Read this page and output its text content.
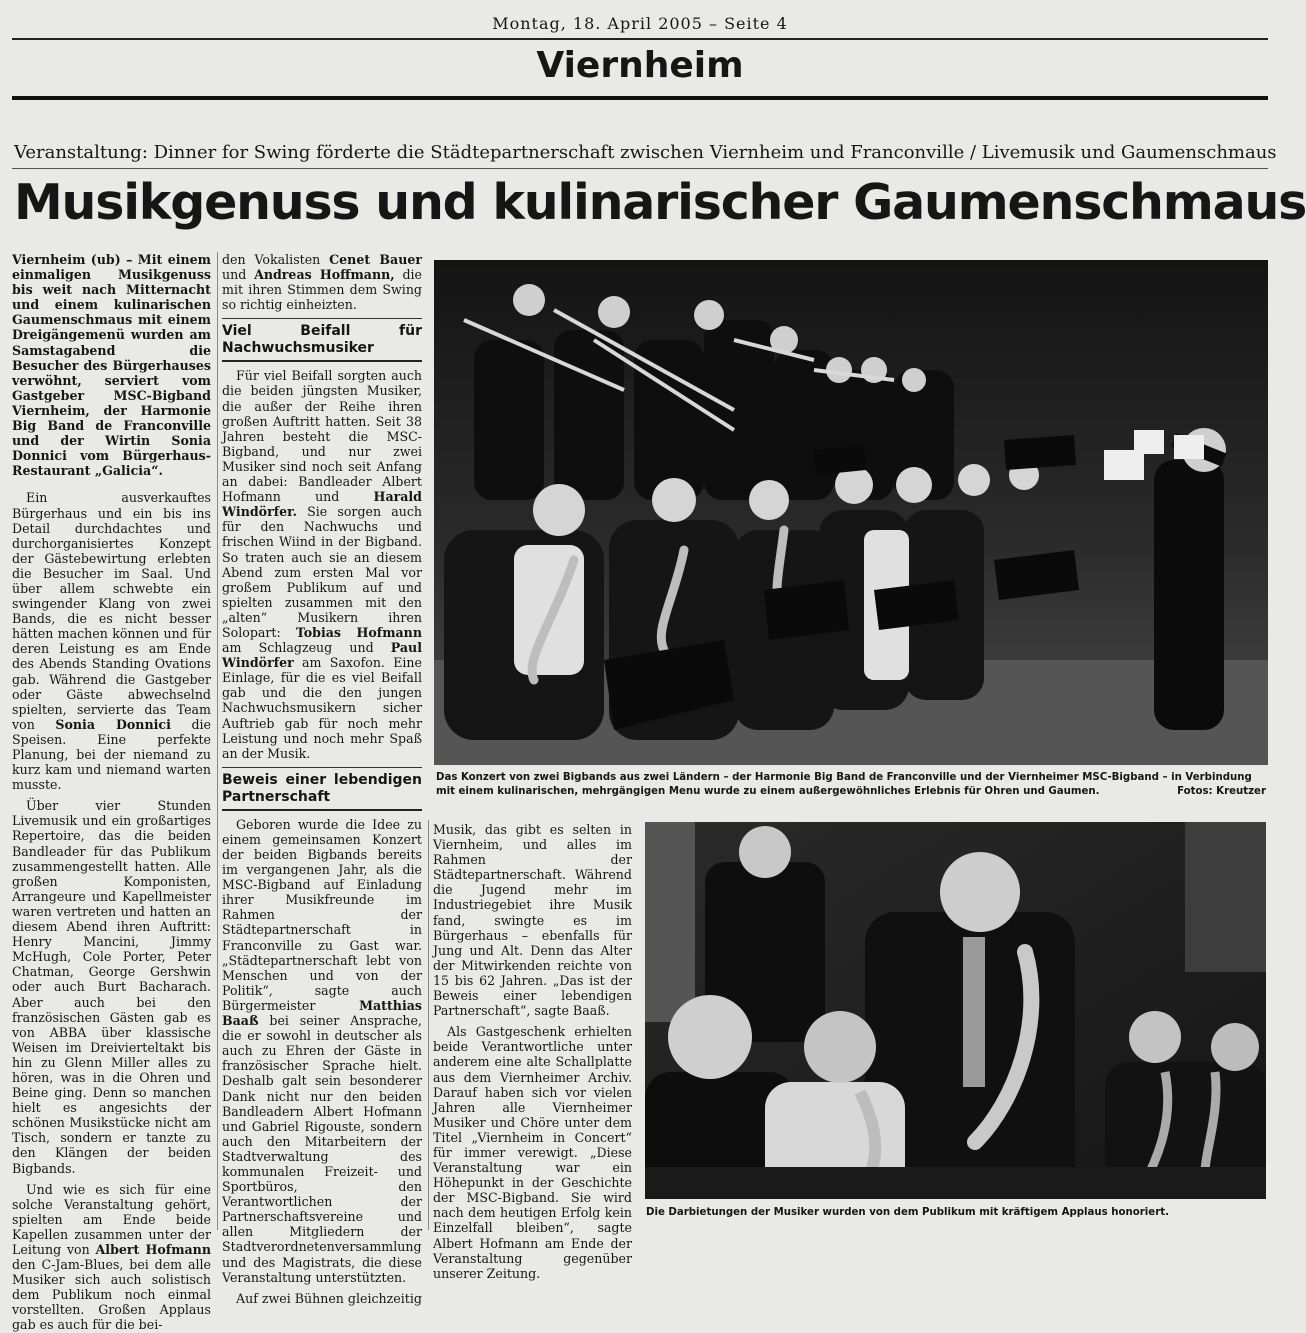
Montag, 18. April 2005 – Seite 4
Viernheim
Veranstaltung: Dinner for Swing förderte die Städtepartnerschaft zwischen Viernheim und Franconville / Livemusik und Gaumenschmaus
Musikgenuss und kulinarischer Gaumenschmaus

Viernheim (ub) – Mit einem einmaligen Musikgenuss bis weit nach Mitternacht und einem kulinarischen Gaumenschmaus mit einem Dreigängemenü wurden am Samstagabend die Besucher des Bürgerhauses verwöhnt, serviert vom Gastgeber MSC-Bigband Viernheim, der Harmonie Big Band de Franconville und der Wirtin Sonia Donnici vom Bürgerhaus-Restaurant „Galicia“.

Ein ausverkauftes Bürgerhaus und ein bis ins Detail durchdachtes und durchorganisiertes Konzept der Gästebewirtung erlebten die Besucher im Saal. Und über allem schwebte ein swingender Klang von zwei Bands, die es nicht besser hätten machen können und für deren Leistung es am Ende des Abends Standing Ovations gab. Während die Gastgeber oder Gäste abwechselnd spielten, servierte das Team von Sonia Donnici die Speisen. Eine perfekte Planung, bei der niemand zu kurz kam und niemand warten musste.

Über vier Stunden Livemusik und ein großartiges Repertoire, das die beiden Bandleader für das Publikum zusammengestellt hatten. Alle großen Komponisten, Arrangeure und Kapellmeister waren vertreten und hatten an diesem Abend ihren Auftritt: Henry Mancini, Jimmy McHugh, Cole Porter, Peter Chatman, George Gershwin oder auch Burt Bacharach. Aber auch bei den französischen Gästen gab es von ABBA über klassische Weisen im Dreivierteltakt bis hin zu Glenn Miller alles zu hören, was in die Ohren und Beine ging. Denn so manchen hielt es angesichts der schönen Musikstücke nicht am Tisch, sondern er tanzte zu den Klängen der beiden Bigbands.

Und wie es sich für eine solche Veranstaltung gehört, spielten am Ende beide Kapellen zusammen unter der Leitung von Albert Hofmann den C-Jam-Blues, bei dem alle Musiker sich auch solistisch dem Publikum noch einmal vorstellten. Großen Applaus gab es auch für die bei-

den Vokalisten Cenet Bauer und Andreas Hoffmann, die mit ihren Stimmen dem Swing so richtig einheizten.

Viel Beifall für Nachwuchsmusiker

Für viel Beifall sorgten auch die beiden jüngsten Musiker, die außer der Reihe ihren großen Auftritt hatten. Seit 38 Jahren besteht die MSC-Bigband, und nur zwei Musiker sind noch seit Anfang an dabei: Bandleader Albert Hofmann und Harald Windörfer. Sie sorgen auch für den Nachwuchs und frischen Wiind in der Bigband. So traten auch sie an diesem Abend zum ersten Mal vor großem Publikum auf und spielten zusammen mit den „alten“ Musikern ihren Solopart: Tobias Hofmann am Schlagzeug und Paul Windörfer am Saxofon. Eine Einlage, für die es viel Beifall gab und die den jungen Nachwuchsmusikern sicher Auftrieb gab für noch mehr Leistung und noch mehr Spaß an der Musik.

Beweis einer lebendigen Partnerschaft

Geboren wurde die Idee zu einem gemeinsamen Konzert der beiden Bigbands bereits im vergangenen Jahr, als die MSC-Bigband auf Einladung ihrer Musikfreunde im Rahmen der Städtepartnerschaft in Franconville zu Gast war. „Städtepartnerschaft lebt von Menschen und von der Politik“, sagte auch Bürgermeister Matthias Baaß bei seiner Ansprache, die er sowohl in deutscher als auch zu Ehren der Gäste in französischer Sprache hielt. Deshalb galt sein besonderer Dank nicht nur den beiden Bandleadern Albert Hofmann und Gabriel Rigouste, sondern auch den Mitarbeitern der Stadtverwaltung des kommunalen Freizeit- und Sportbüros, den Verantwortlichen der Partnerschaftsvereine und allen Mitgliedern der Stadtverordnetenversammlung und des Magistrats, die diese Veranstaltung unterstützten.

Auf zwei Bühnen gleichzeitig

Das Konzert von zwei Bigbands aus zwei Ländern – der Harmonie Big Band de Franconville und der Viernheimer MSC-Bigband – in Verbindung mit einem kulinarischen, mehrgängigen Menu wurde zu einem außergewöhnliches Erlebnis für Ohren und Gaumen.	Fotos: Kreutzer

Musik, das gibt es selten in Viernheim, und alles im Rahmen der Städtepartnerschaft. Während die Jugend mehr im Industriegebiet ihre Musik fand, swingte es im Bürgerhaus – ebenfalls für Jung und Alt. Denn das Alter der Mitwirkenden reichte von 15 bis 62 Jahren. „Das ist der Beweis einer lebendigen Partnerschaft“, sagte Baaß.

Als Gastgeschenk erhielten beide Verantwortliche unter anderem eine alte Schallplatte aus dem Viernheimer Archiv. Darauf haben sich vor vielen Jahren alle Viernheimer Musiker und Chöre unter dem Titel „Viernheim in Concert“ für immer verewigt. „Diese Veranstaltung war ein Höhepunkt in der Geschichte der MSC-Bigband. Sie wird nach dem heutigen Erfolg kein Einzelfall bleiben“, sagte Albert Hofmann am Ende der Veranstaltung gegenüber unserer Zeitung.

Die Darbietungen der Musiker wurden von dem Publikum mit kräftigem Applaus honoriert.
